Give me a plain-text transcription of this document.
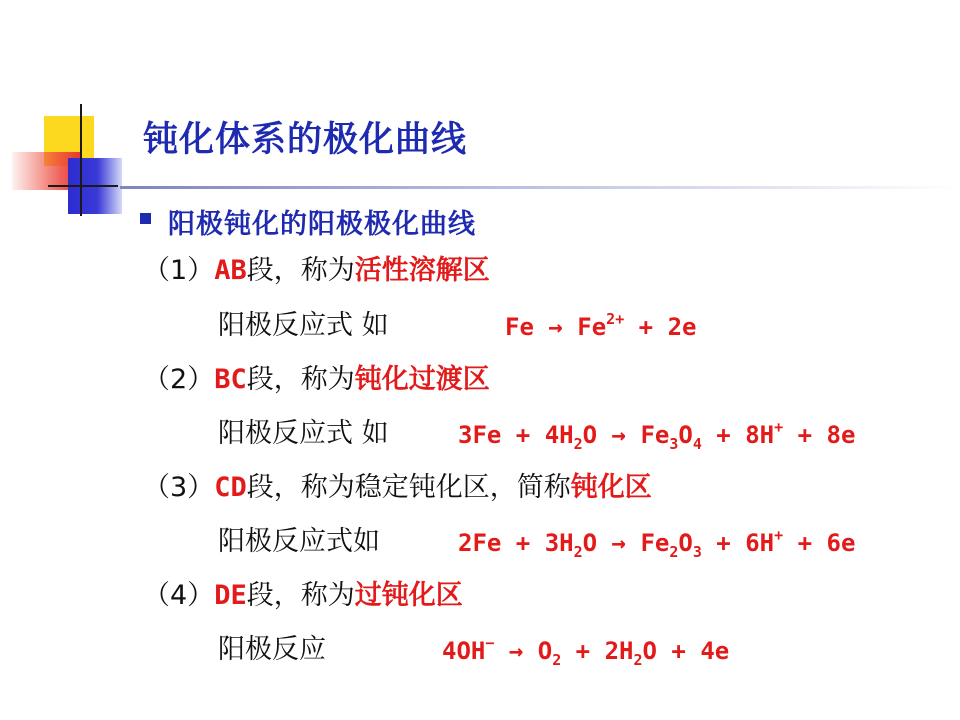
钝化体系的极化曲线
阳极钝化的阳极极化曲线
（1）AB段，称为活性溶解区
阳极反应式 如	$Fe \to Fe^{2+} + 2e$
（2）BC段，称为钝化过渡区
阳极反应式 如	$3Fe + 4H_2O \to Fe_3O_4 + 8H^+ + 8e$
（3）CD段，称为稳定钝化区，简称钝化区
阳极反应式如	$2Fe + 3H_2O \to Fe_2O_3 + 6H^+ + 6e$
（4）DE段，称为过钝化区
阳极反应	$4OH^- \to O_2 + 2H_2O + 4e$
